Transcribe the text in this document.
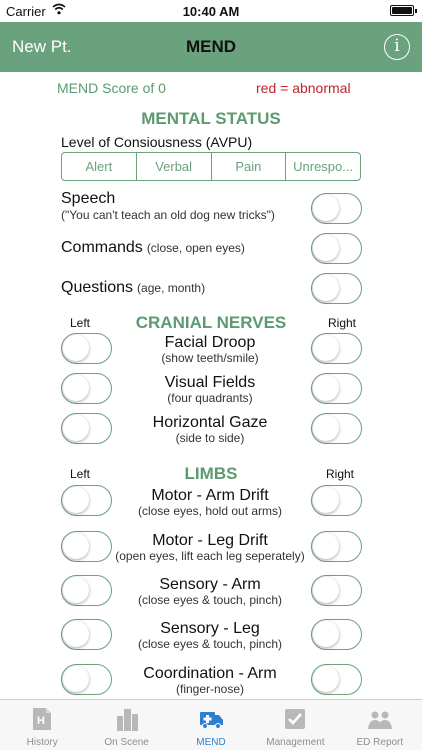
Carrier	10:40 AM
New Pt.	MEND	i
MEND Score of 0	red = abnormal
MENTAL STATUS
Level of Consiousness (AVPU)
Alert	Verbal	Pain	Unrespo...
Speech
("You can't teach an old dog new tricks")
Commands (close, open eyes)
Questions (age, month)
Left	CRANIAL NERVES	Right
Facial Droop
(show teeth/smile)
Visual Fields
(four quadrants)
Horizontal Gaze
(side to side)
Left	LIMBS	Right
Motor - Arm Drift
(close eyes, hold out arms)
Motor - Leg Drift
(open eyes, lift each leg seperately)
Sensory - Arm
(close eyes & touch, pinch)
Sensory - Leg
(close eyes & touch, pinch)
Coordination - Arm
(finger-nose)
H
History	On Scene	MEND	Management	ED Report
